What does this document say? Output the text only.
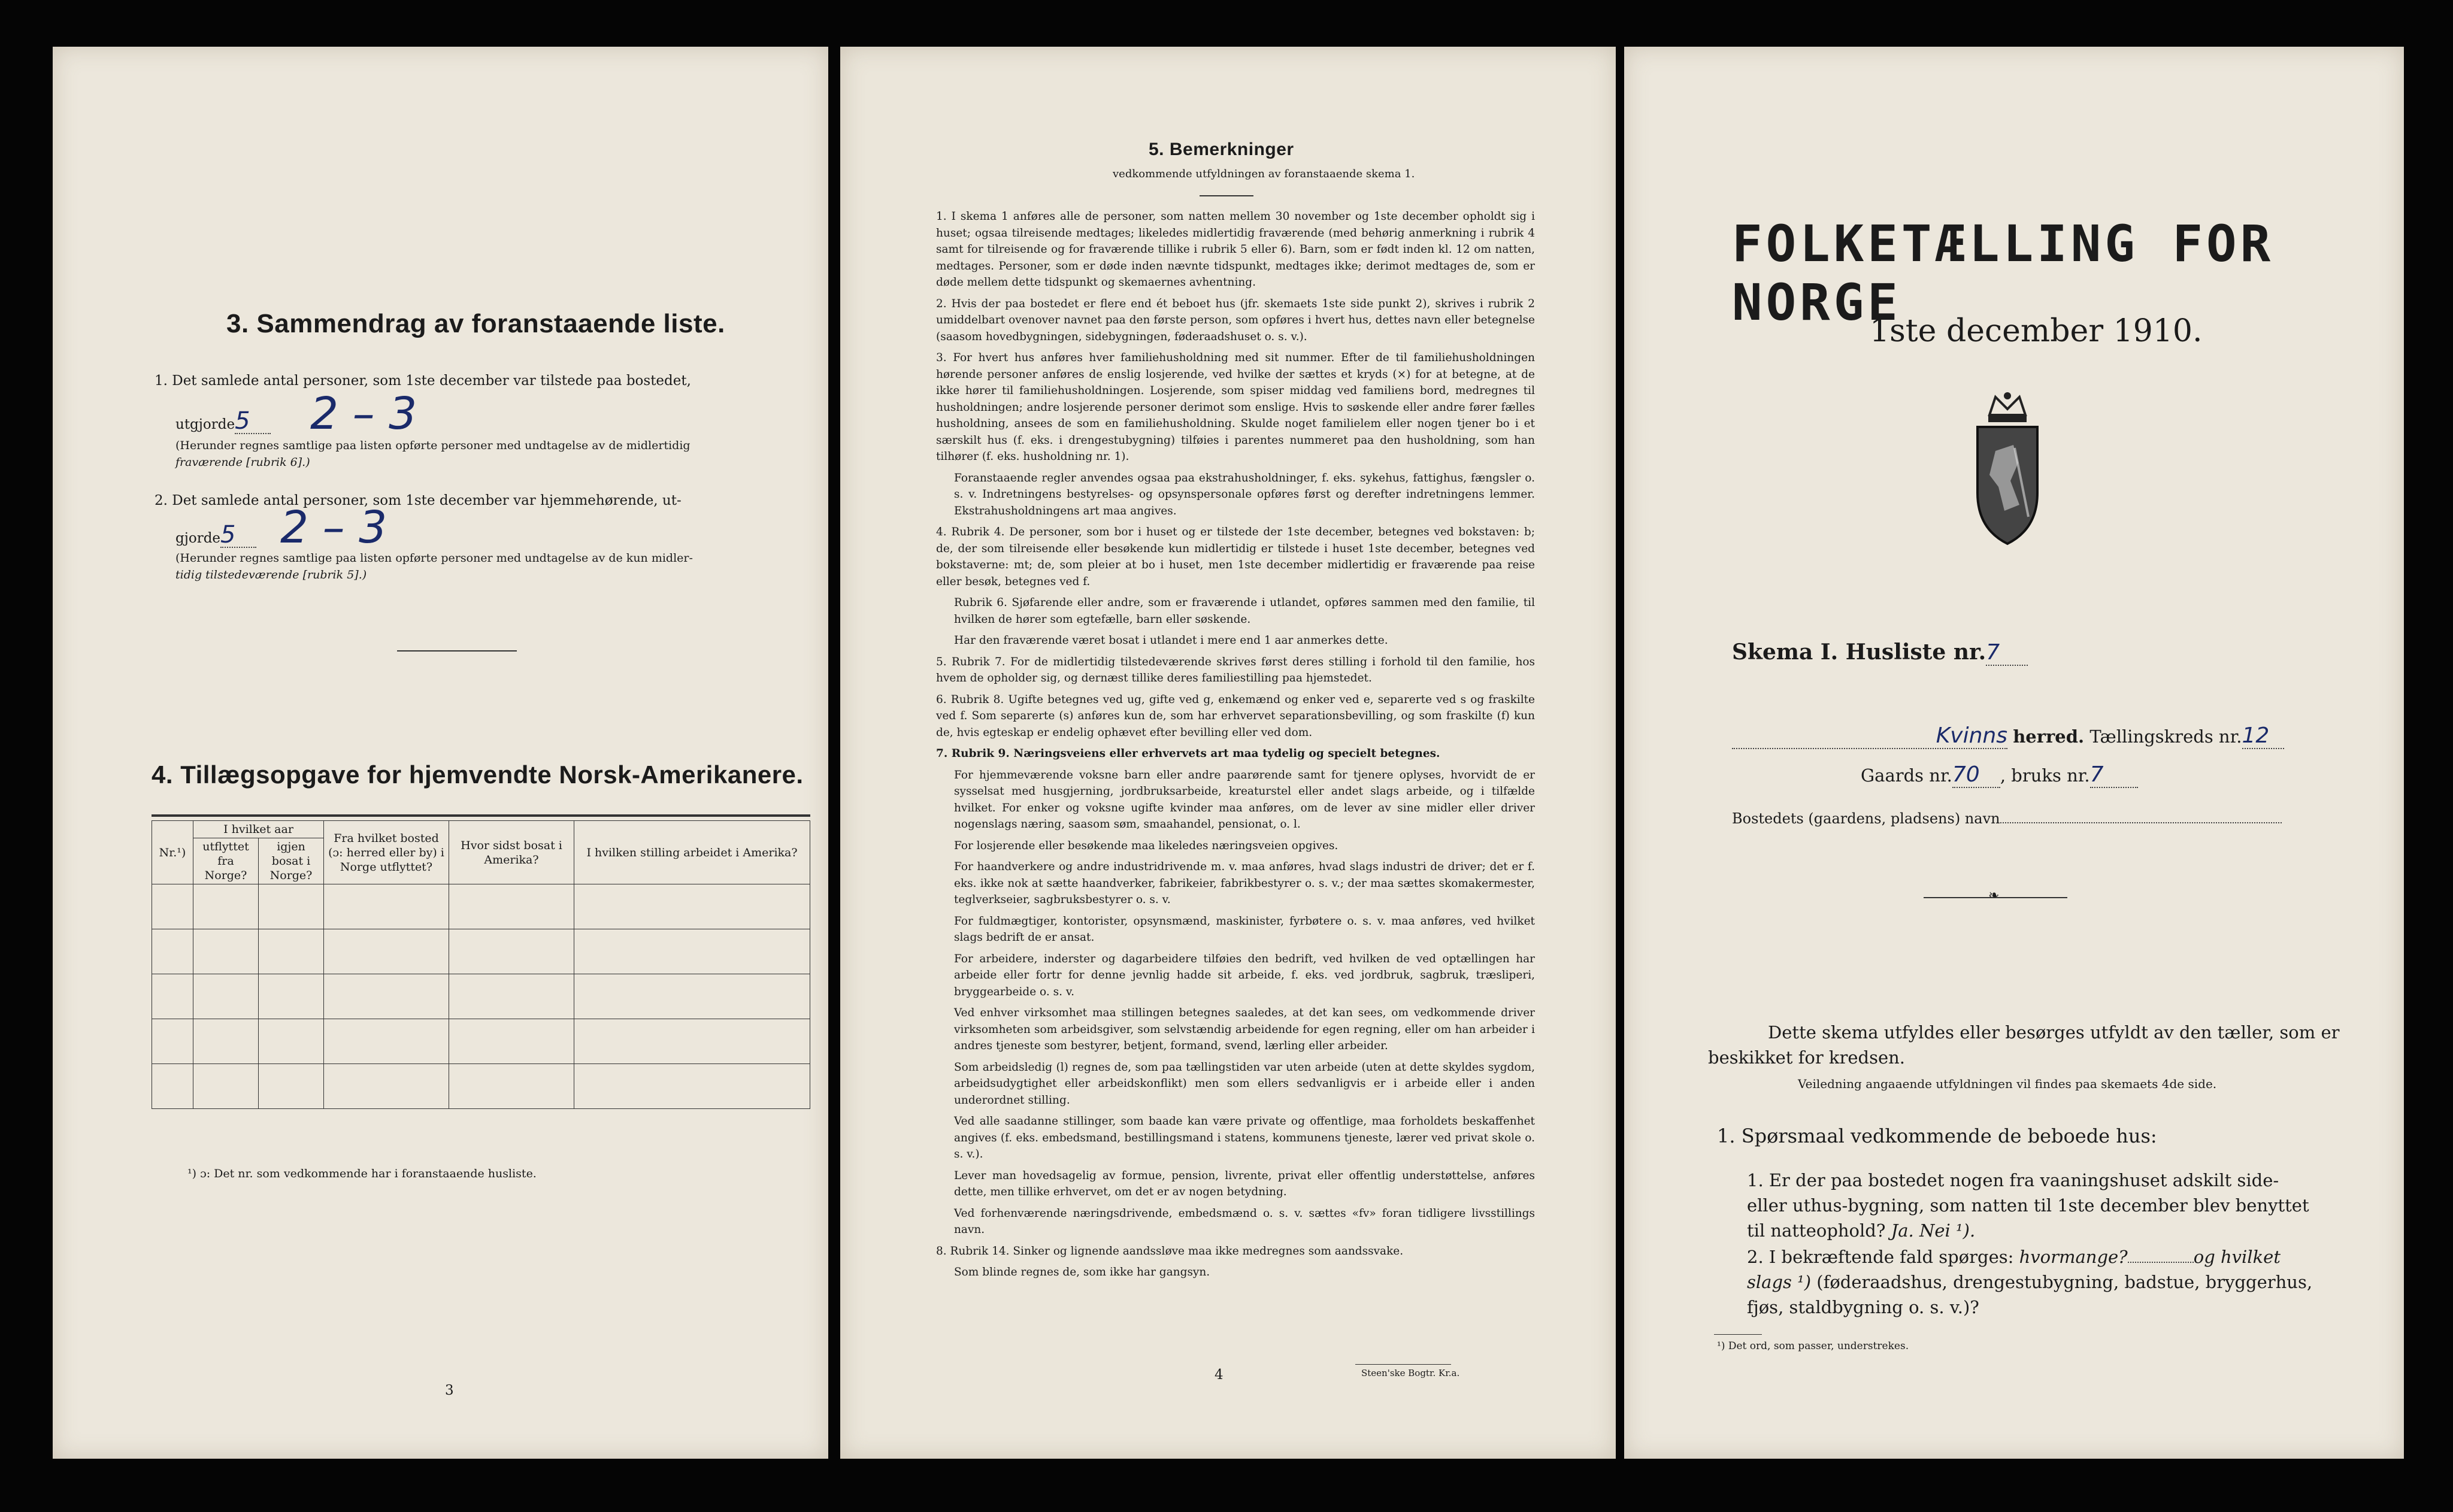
3. Sammendrag av foranstaaende liste.
1. Det samlede antal personer, som 1ste december var tilstede paa bostedet,
utgjorde5	2 – 3
(Herunder regnes samtlige paa listen opførte personer med undtagelse av de midlertidig
fraværende [rubrik 6].)
2. Det samlede antal personer, som 1ste december var hjemmehørende, ut-
gjorde5	2 – 3
(Herunder regnes samtlige paa listen opførte personer med undtagelse av de kun midler-
tidig tilstedeværende [rubrik 5].)
4. Tillægsopgave for hjemvendte Norsk-Amerikanere.
Nr.¹)	I hvilket aar		Fra hvilket bosted (ɔ: herred eller by) i Norge utflyttet?	Hvor sidst bosat i Amerika?	I hvilken stilling arbeidet i Amerika?
	utflyttet fra Norge?	igjen bosat i Norge?			

¹) ɔ: Det nr. som vedkommende har i foranstaaende husliste.
3
5. Bemerkninger
vedkommende utfyldningen av foranstaaende skema 1.

1. I skema 1 anføres alle de personer, som natten mellem 30 november og 1ste december opholdt sig i huset; ogsaa tilreisende medtages; likeledes midlertidig fraværende (med behørig anmerkning i rubrik 4 samt for tilreisende og for fraværende tillike i rubrik 5 eller 6). Barn, som er født inden kl. 12 om natten, medtages. Personer, som er døde inden nævnte tidspunkt, medtages ikke; derimot medtages de, som er døde mellem dette tidspunkt og skemaernes avhentning.

2. Hvis der paa bostedet er flere end ét beboet hus (jfr. skemaets 1ste side punkt 2), skrives i rubrik 2 umiddelbart ovenover navnet paa den første person, som opføres i hvert hus, dettes navn eller betegnelse (saasom hovedbygningen, sidebygningen, føderaadshuset o. s. v.).

3. For hvert hus anføres hver familiehusholdning med sit nummer. Efter de til familiehusholdningen hørende personer anføres de enslig losjerende, ved hvilke der sættes et kryds (×) for at betegne, at de ikke hører til familiehusholdningen. Losjerende, som spiser middag ved familiens bord, medregnes til husholdningen; andre losjerende personer derimot som enslige. Hvis to søskende eller andre fører fælles husholdning, ansees de som en familiehusholdning. Skulde noget familielem eller nogen tjener bo i et særskilt hus (f. eks. i drengestubygning) tilføies i parentes nummeret paa den husholdning, som han tilhører (f. eks. husholdning nr. 1).

Foranstaaende regler anvendes ogsaa paa ekstrahusholdninger, f. eks. sykehus, fattighus, fængsler o. s. v. Indretningens bestyrelses- og opsynspersonale opføres først og derefter indretningens lemmer. Ekstrahusholdningens art maa angives.

4. Rubrik 4. De personer, som bor i huset og er tilstede der 1ste december, betegnes ved bokstaven: b; de, der som tilreisende eller besøkende kun midlertidig er tilstede i huset 1ste december, betegnes ved bokstaverne: mt; de, som pleier at bo i huset, men 1ste december midlertidig er fraværende paa reise eller besøk, betegnes ved f.

Rubrik 6. Sjøfarende eller andre, som er fraværende i utlandet, opføres sammen med den familie, til hvilken de hører som egtefælle, barn eller søskende.

Har den fraværende været bosat i utlandet i mere end 1 aar anmerkes dette.

5. Rubrik 7. For de midlertidig tilstedeværende skrives først deres stilling i forhold til den familie, hos hvem de opholder sig, og dernæst tillike deres familiestilling paa hjemstedet.

6. Rubrik 8. Ugifte betegnes ved ug, gifte ved g, enkemænd og enker ved e, separerte ved s og fraskilte ved f. Som separerte (s) anføres kun de, som har erhvervet separationsbevilling, og som fraskilte (f) kun de, hvis egteskap er endelig ophævet efter bevilling eller ved dom.

7. Rubrik 9. Næringsveiens eller erhvervets art maa tydelig og specielt betegnes.

For hjemmeværende voksne barn eller andre paarørende samt for tjenere oplyses, hvorvidt de er sysselsat med husgjerning, jordbruksarbeide, kreaturstel eller andet slags arbeide, og i tilfælde hvilket. For enker og voksne ugifte kvinder maa anføres, om de lever av sine midler eller driver nogenslags næring, saasom søm, smaahandel, pensionat, o. l.

For losjerende eller besøkende maa likeledes næringsveien opgives.

For haandverkere og andre industridrivende m. v. maa anføres, hvad slags industri de driver; det er f. eks. ikke nok at sætte haandverker, fabrikeier, fabrikbestyrer o. s. v.; der maa sættes skomakermester, teglverkseier, sagbruksbestyrer o. s. v.

For fuldmægtiger, kontorister, opsynsmænd, maskinister, fyrbøtere o. s. v. maa anføres, ved hvilket slags bedrift de er ansat.

For arbeidere, inderster og dagarbeidere tilføies den bedrift, ved hvilken de ved optællingen har arbeide eller fortr for denne jevnlig hadde sit arbeide, f. eks. ved jordbruk, sagbruk, træsliperi, bryggearbeide o. s. v.

Ved enhver virksomhet maa stillingen betegnes saaledes, at det kan sees, om vedkommende driver virksomheten som arbeidsgiver, som selvstændig arbeidende for egen regning, eller om han arbeider i andres tjeneste som bestyrer, betjent, formand, svend, lærling eller arbeider.

Som arbeidsledig (l) regnes de, som paa tællingstiden var uten arbeide (uten at dette skyldes sygdom, arbeidsudygtighet eller arbeidskonflikt) men som ellers sedvanligvis er i arbeide eller i anden underordnet stilling.

Ved alle saadanne stillinger, som baade kan være private og offentlige, maa forholdets beskaffenhet angives (f. eks. embedsmand, bestillingsmand i statens, kommunens tjeneste, lærer ved privat skole o. s. v.).

Lever man hovedsagelig av formue, pension, livrente, privat eller offentlig understøttelse, anføres dette, men tillike erhvervet, om det er av nogen betydning.

Ved forhenværende næringsdrivende, embedsmænd o. s. v. sættes «fv» foran tidligere livsstillings navn.

8. Rubrik 14. Sinker og lignende aandssløve maa ikke medregnes som aandssvake.

Som blinde regnes de, som ikke har gangsyn.

4	Steen'ske Bogtr. Kr.a.
FOLKETÆLLING FOR NORGE
1ste december 1910.
Skema I. Husliste nr.7
Kvinns herred. Tællingskreds nr.12
Gaards nr.70 , bruks nr.7
Bostedets (gaardens, pladsens) navn
❧
Dette skema utfyldes eller besørges utfyldt av den tæller, som er beskikket for kredsen.
Veiledning angaaende utfyldningen vil findes paa skemaets 4de side.
1. Spørsmaal vedkommende de beboede hus:
1. Er der paa bostedet nogen fra vaaningshuset adskilt side- eller uthus-bygning, som natten til 1ste december blev benyttet til natteophold? Ja. Nei ¹).
2. I bekræftende fald spørges: hvormange?	og hvilket slags ¹) (føderaadshus, drengestubygning, badstue, bryggerhus, fjøs, staldbygning o. s. v.)?
¹) Det ord, som passer, understrekes.
